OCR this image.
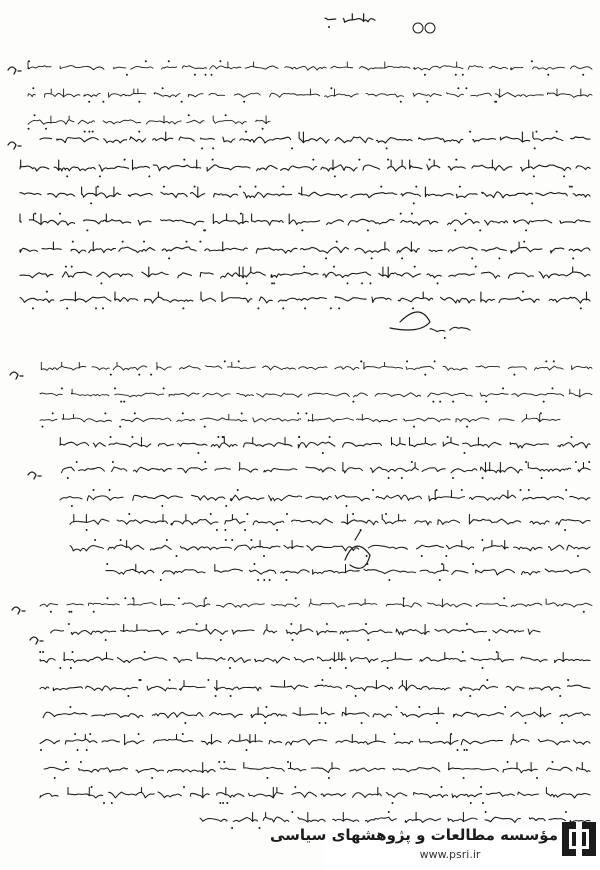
مؤسسه مطالعات و پژوهشهای سیاسی
www.psri.ir
